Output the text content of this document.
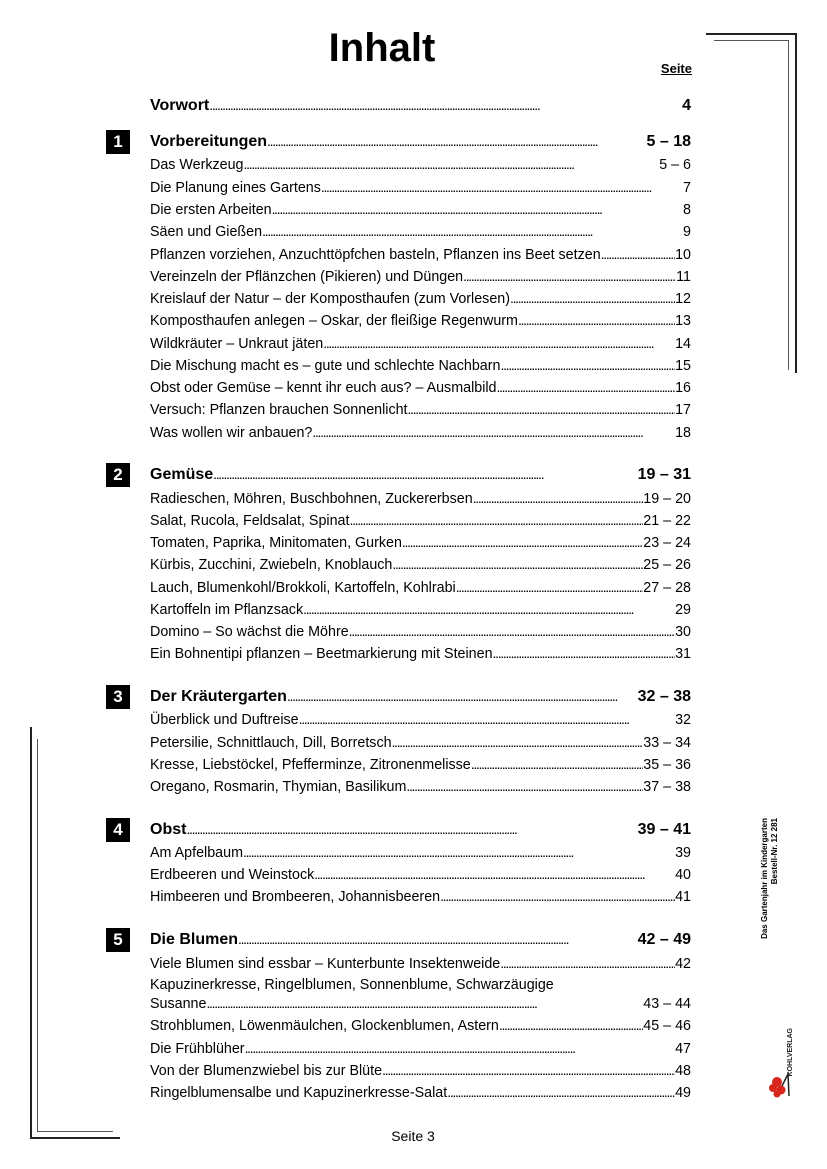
Inhalt	Seite
Vorwort . . .	4
1	Vorbereitungen . . .	5 – 18
Das Werkzeug . . .	5 – 6
Die Planung eines Gartens . . .	7
Die ersten Arbeiten . . .	8
Säen und Gießen . . .	9
Pflanzen vorziehen, Anzuchttöpfchen basteln, Pflanzen ins Beet setzen . . .	10
Vereinzeln der Pflänzchen (Pikieren) und Düngen . . .	11
Kreislauf der Natur – der Komposthaufen (zum Vorlesen) . . .	12
Komposthaufen anlegen – Oskar, der fleißige Regenwurm . . .	13
Wildkräuter – Unkraut jäten . . .	14
Die Mischung macht es – gute und schlechte Nachbarn . . .	15
Obst oder Gemüse – kennt ihr euch aus? – Ausmalbild . . .	16
Versuch: Pflanzen brauchen Sonnenlicht . . .	17
Was wollen wir anbauen? . . .	18
2	Gemüse . . .	19 – 31
Radieschen, Möhren, Buschbohnen, Zuckererbsen . . .	19 – 20
Salat, Rucola, Feldsalat, Spinat . . .	21 – 22
Tomaten, Paprika, Minitomaten, Gurken . . .	23 – 24
Kürbis, Zucchini, Zwiebeln, Knoblauch . . .	25 – 26
Lauch, Blumenkohl/Brokkoli, Kartoffeln, Kohlrabi . . .	27 – 28
Kartoffeln im Pflanzsack . . .	29
Domino – So wächst die Möhre . . .	30
Ein Bohnentipi pflanzen – Beetmarkierung mit Steinen . . .	31
3	Der Kräutergarten . . .	32 – 38
Überblick und Duftreise . . .	32
Petersilie, Schnittlauch, Dill, Borretsch . . .	33 – 34
Kresse, Liebstöckel, Pfefferminze, Zitronenmelisse . . .	35 – 36
Oregano, Rosmarin, Thymian, Basilikum . . .	37 – 38
4	Obst . . .	39 – 41
Am Apfelbaum . . .	39
Erdbeeren und Weinstock . . .	40
Himbeeren und Brombeeren, Johannisbeeren . . .	41
5	Die Blumen . . .	42 – 49
Viele Blumen sind essbar – Kunterbunte Insektenweide . . .	42
Kapuzinerkresse, Ringelblumen, Sonnenblume, Schwarzäugige
Susanne . . .	43 – 44
Strohblumen, Löwenmäulchen, Glockenblumen, Astern . . .	45 – 46
Die Frühblüher . . .	47
Von der Blumenzwiebel bis zur Blüte . . .	48
Ringelblumensalbe und Kapuzinerkresse-Salat . . .	49
Das Gartenjahr im Kindergarten Bestell-Nr. 12 281
KOHLVERLAG
Seite 3
